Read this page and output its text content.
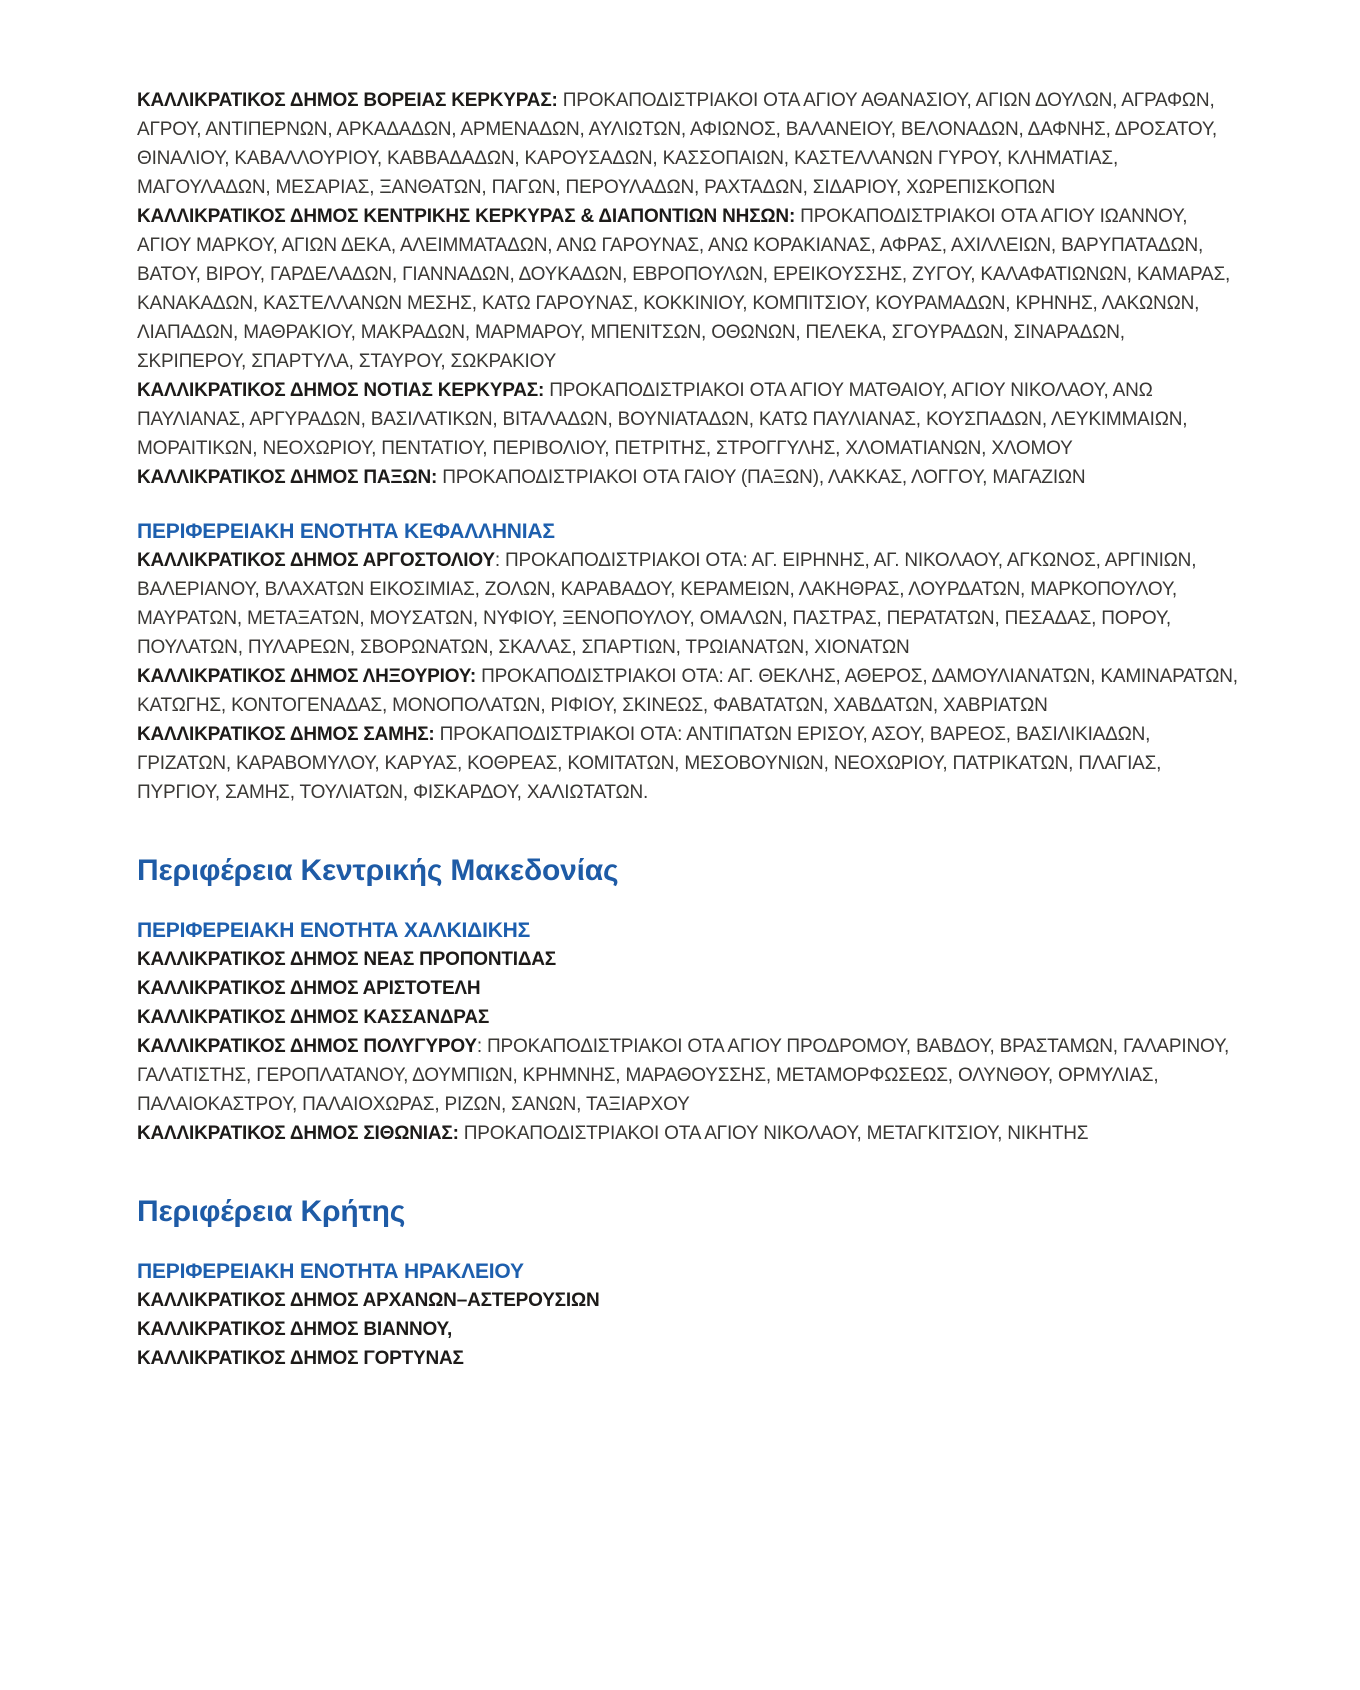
ΚΑΛΛΙΚΡΑΤΙΚΟΣ ΔΗΜΟΣ ΒΟΡΕΙΑΣ ΚΕΡΚΥΡΑΣ: ΠΡΟΚΑΠΟΔΙΣΤΡΙΑΚΟΙ ΟΤΑ ΑΓΙΟΥ ΑΘΑΝΑΣΙΟΥ, ΑΓΙΩΝ ΔΟΥΛΩΝ, ΑΓΡΑΦΩΝ, ΑΓΡΟΥ, ΑΝΤΙΠΕΡΝΩΝ, ΑΡΚΑΔΑΔΩΝ, ΑΡΜΕΝΑΔΩΝ, ΑΥΛΙΩΤΩΝ, ΑΦΙΩΝΟΣ, ΒΑΛΑΝΕΙΟΥ, ΒΕΛΟΝΑΔΩΝ, ΔΑΦΝΗΣ, ΔΡΟΣΑΤΟΥ, ΘΙΝΑΛΙΟΥ, ΚΑΒΑΛΛΟΥΡΙΟΥ, ΚΑΒΒΑΔΑΔΩΝ, ΚΑΡΟΥΣΑΔΩΝ, ΚΑΣΣΟΠΑΙΩΝ, ΚΑΣΤΕΛΛΑΝΩΝ ΓΥΡΟΥ, ΚΛΗΜΑΤΙΑΣ, ΜΑΓΟΥΛΑΔΩΝ, ΜΕΣΑΡΙΑΣ, ΞΑΝΘΑΤΩΝ, ΠΑΓΩΝ, ΠΕΡΟΥΛΑΔΩΝ, ΡΑΧΤΑΔΩΝ, ΣΙΔΑΡΙΟΥ, ΧΩΡΕΠΙΣΚΟΠΩΝ

ΚΑΛΛΙΚΡΑΤΙΚΟΣ ΔΗΜΟΣ ΚΕΝΤΡΙΚΗΣ ΚΕΡΚΥΡΑΣ & ΔΙΑΠΟΝΤΙΩΝ ΝΗΣΩΝ: ΠΡΟΚΑΠΟΔΙΣΤΡΙΑΚΟΙ ΟΤΑ ΑΓΙΟΥ ΙΩΑΝΝΟΥ, ΑΓΙΟΥ ΜΑΡΚΟΥ, ΑΓΙΩΝ ΔΕΚΑ, ΑΛΕΙΜΜΑΤΑΔΩΝ, ΑΝΩ ΓΑΡΟΥΝΑΣ, ΑΝΩ ΚΟΡΑΚΙΑΝΑΣ, ΑΦΡΑΣ, ΑΧΙΛΛΕΙΩΝ, ΒΑΡΥΠΑΤΑΔΩΝ, ΒΑΤΟΥ, ΒΙΡΟΥ, ΓΑΡΔΕΛΑΔΩΝ, ΓΙΑΝΝΑΔΩΝ, ΔΟΥΚΑΔΩΝ, ΕΒΡΟΠΟΥΛΩΝ, ΕΡΕΙΚΟΥΣΣΗΣ, ΖΥΓΟΥ, ΚΑΛΑΦΑΤΙΩΝΩΝ, ΚΑΜΑΡΑΣ, ΚΑΝΑΚΑΔΩΝ, ΚΑΣΤΕΛΛΑΝΩΝ ΜΕΣΗΣ, ΚΑΤΩ ΓΑΡΟΥΝΑΣ, ΚΟΚΚΙΝΙΟΥ, ΚΟΜΠΙΤΣΙΟΥ, ΚΟΥΡΑΜΑΔΩΝ, ΚΡΗΝΗΣ, ΛΑΚΩΝΩΝ, ΛΙΑΠΑΔΩΝ, ΜΑΘΡΑΚΙΟΥ, ΜΑΚΡΑΔΩΝ, ΜΑΡΜΑΡΟΥ, ΜΠΕΝΙΤΣΩΝ, ΟΘΩΝΩΝ, ΠΕΛΕΚΑ, ΣΓΟΥΡΑΔΩΝ, ΣΙΝΑΡΑΔΩΝ, ΣΚΡΙΠΕΡΟΥ, ΣΠΑΡΤΥΛΑ, ΣΤΑΥΡΟΥ, ΣΩΚΡΑΚΙΟΥ

ΚΑΛΛΙΚΡΑΤΙΚΟΣ ΔΗΜΟΣ ΝΟΤΙΑΣ ΚΕΡΚΥΡΑΣ: ΠΡΟΚΑΠΟΔΙΣΤΡΙΑΚΟΙ ΟΤΑ ΑΓΙΟΥ ΜΑΤΘΑΙΟΥ, ΑΓΙΟΥ ΝΙΚΟΛΑΟΥ, ΑΝΩ ΠΑΥΛΙΑΝΑΣ, ΑΡΓΥΡΑΔΩΝ, ΒΑΣΙΛΑΤΙΚΩΝ, ΒΙΤΑΛΑΔΩΝ, ΒΟΥΝΙΑΤΑΔΩΝ, ΚΑΤΩ ΠΑΥΛΙΑΝΑΣ, ΚΟΥΣΠΑΔΩΝ, ΛΕΥΚΙΜΜΑΙΩΝ, ΜΟΡΑΙΤΙΚΩΝ, ΝΕΟΧΩΡΙΟΥ, ΠΕΝΤΑΤΙΟΥ, ΠΕΡΙΒΟΛΙΟΥ, ΠΕΤΡΙΤΗΣ, ΣΤΡΟΓΓΥΛΗΣ, ΧΛΟΜΑΤΙΑΝΩΝ, ΧΛΟΜΟΥ

ΚΑΛΛΙΚΡΑΤΙΚΟΣ ΔΗΜΟΣ ΠΑΞΩΝ: ΠΡΟΚΑΠΟΔΙΣΤΡΙΑΚΟΙ ΟΤΑ ΓΑΙΟΥ (ΠΑΞΩΝ), ΛΑΚΚΑΣ, ΛΟΓΓΟΥ, ΜΑΓΑΖΙΩΝ

ΠΕΡΙΦΕΡΕΙΑΚΗ ΕΝΟΤΗΤΑ ΚΕΦΑΛΛΗΝΙΑΣ

ΚΑΛΛΙΚΡΑΤΙΚΟΣ ΔΗΜΟΣ ΑΡΓΟΣΤΟΛΙΟΥ: ΠΡΟΚΑΠΟΔΙΣΤΡΙΑΚΟΙ ΟΤΑ: ΑΓ. ΕΙΡΗΝΗΣ, ΑΓ. ΝΙΚΟΛΑΟΥ, ΑΓΚΩΝΟΣ, ΑΡΓΙΝΙΩΝ, ΒΑΛΕΡΙΑΝΟΥ, ΒΛΑΧΑΤΩΝ ΕΙΚΟΣΙΜΙΑΣ, ΖΟΛΩΝ, ΚΑΡΑΒΑΔΟΥ, ΚΕΡΑΜΕΙΩΝ, ΛΑΚΗΘΡΑΣ, ΛΟΥΡΔΑΤΩΝ, ΜΑΡΚΟΠΟΥΛΟΥ, ΜΑΥΡΑΤΩΝ, ΜΕΤΑΞΑΤΩΝ, ΜΟΥΣΑΤΩΝ, ΝΥΦΙΟΥ, ΞΕΝΟΠΟΥΛΟΥ, ΟΜΑΛΩΝ, ΠΑΣΤΡΑΣ, ΠΕΡΑΤΑΤΩΝ, ΠΕΣΑΔΑΣ, ΠΟΡΟΥ, ΠΟΥΛΑΤΩΝ, ΠΥΛΑΡΕΩΝ, ΣΒΟΡΩΝΑΤΩΝ, ΣΚΑΛΑΣ, ΣΠΑΡΤΙΩΝ, ΤΡΩΙΑΝΑΤΩΝ, ΧΙΟΝΑΤΩΝ

ΚΑΛΛΙΚΡΑΤΙΚΟΣ ΔΗΜΟΣ ΛΗΞΟΥΡΙΟΥ: ΠΡΟΚΑΠΟΔΙΣΤΡΙΑΚΟΙ ΟΤΑ: ΑΓ. ΘΕΚΛΗΣ, ΑΘΕΡΟΣ, ΔΑΜΟΥΛΙΑΝΑΤΩΝ, ΚΑΜΙΝΑΡΑΤΩΝ, ΚΑΤΩΓΗΣ, ΚΟΝΤΟΓΕΝΑΔΑΣ, ΜΟΝΟΠΟΛΑΤΩΝ, ΡΙΦΙΟΥ, ΣΚΙΝΕΩΣ, ΦΑΒΑΤΑΤΩΝ, ΧΑΒΔΑΤΩΝ, ΧΑΒΡΙΑΤΩΝ

ΚΑΛΛΙΚΡΑΤΙΚΟΣ ΔΗΜΟΣ ΣΑΜΗΣ: ΠΡΟΚΑΠΟΔΙΣΤΡΙΑΚΟΙ ΟΤΑ: ΑΝΤΙΠΑΤΩΝ ΕΡΙΣΟΥ, ΑΣΟΥ, ΒΑΡΕΟΣ, ΒΑΣΙΛΙΚΙΑΔΩΝ, ΓΡΙΖΑΤΩΝ, ΚΑΡΑΒΟΜΥΛΟΥ, ΚΑΡΥΑΣ, ΚΟΘΡΕΑΣ, ΚΟΜΙΤΑΤΩΝ, ΜΕΣΟΒΟΥΝΙΩΝ, ΝΕΟΧΩΡΙΟΥ, ΠΑΤΡΙΚΑΤΩΝ, ΠΛΑΓΙΑΣ, ΠΥΡΓΙΟΥ, ΣΑΜΗΣ, ΤΟΥΛΙΑΤΩΝ, ΦΙΣΚΑΡΔΟΥ, ΧΑΛΙΩΤΑΤΩΝ.

Περιφέρεια Κεντρικής Μακεδονίας

ΠΕΡΙΦΕΡΕΙΑΚΗ ΕΝΟΤΗΤΑ ΧΑΛΚΙΔΙΚΗΣ

ΚΑΛΛΙΚΡΑΤΙΚΟΣ ΔΗΜΟΣ ΝΕΑΣ ΠΡΟΠΟΝΤΙΔΑΣ

ΚΑΛΛΙΚΡΑΤΙΚΟΣ ΔΗΜΟΣ ΑΡΙΣΤΟΤΕΛΗ

ΚΑΛΛΙΚΡΑΤΙΚΟΣ ΔΗΜΟΣ ΚΑΣΣΑΝΔΡΑΣ

ΚΑΛΛΙΚΡΑΤΙΚΟΣ ΔΗΜΟΣ ΠΟΛΥΓΥΡΟΥ: ΠΡΟΚΑΠΟΔΙΣΤΡΙΑΚΟΙ ΟΤΑ ΑΓΙΟΥ ΠΡΟΔΡΟΜΟΥ, ΒΑΒΔΟΥ, ΒΡΑΣΤΑΜΩΝ, ΓΑΛΑΡΙΝΟΥ, ΓΑΛΑΤΙΣΤΗΣ, ΓΕΡΟΠΛΑΤΑΝΟΥ, ΔΟΥΜΠΙΩΝ, ΚΡΗΜΝΗΣ, ΜΑΡΑΘΟΥΣΣΗΣ, ΜΕΤΑΜΟΡΦΩΣΕΩΣ, ΟΛΥΝΘΟΥ, ΟΡΜΥΛΙΑΣ, ΠΑΛΑΙΟΚΑΣΤΡΟΥ, ΠΑΛΑΙΟΧΩΡΑΣ, ΡΙΖΩΝ, ΣΑΝΩΝ, ΤΑΞΙΑΡΧΟΥ

ΚΑΛΛΙΚΡΑΤΙΚΟΣ ΔΗΜΟΣ ΣΙΘΩΝΙΑΣ: ΠΡΟΚΑΠΟΔΙΣΤΡΙΑΚΟΙ ΟΤΑ ΑΓΙΟΥ ΝΙΚΟΛΑΟΥ, ΜΕΤΑΓΚΙΤΣΙΟΥ, ΝΙΚΗΤΗΣ

Περιφέρεια Κρήτης

ΠΕΡΙΦΕΡΕΙΑΚΗ ΕΝΟΤΗΤΑ ΗΡΑΚΛΕΙΟΥ

ΚΑΛΛΙΚΡΑΤΙΚΟΣ ΔΗΜΟΣ ΑΡΧΑΝΩΝ–ΑΣΤΕΡΟΥΣΙΩΝ

ΚΑΛΛΙΚΡΑΤΙΚΟΣ ΔΗΜΟΣ ΒΙΑΝΝΟΥ,

ΚΑΛΛΙΚΡΑΤΙΚΟΣ ΔΗΜΟΣ ΓΟΡΤΥΝΑΣ
